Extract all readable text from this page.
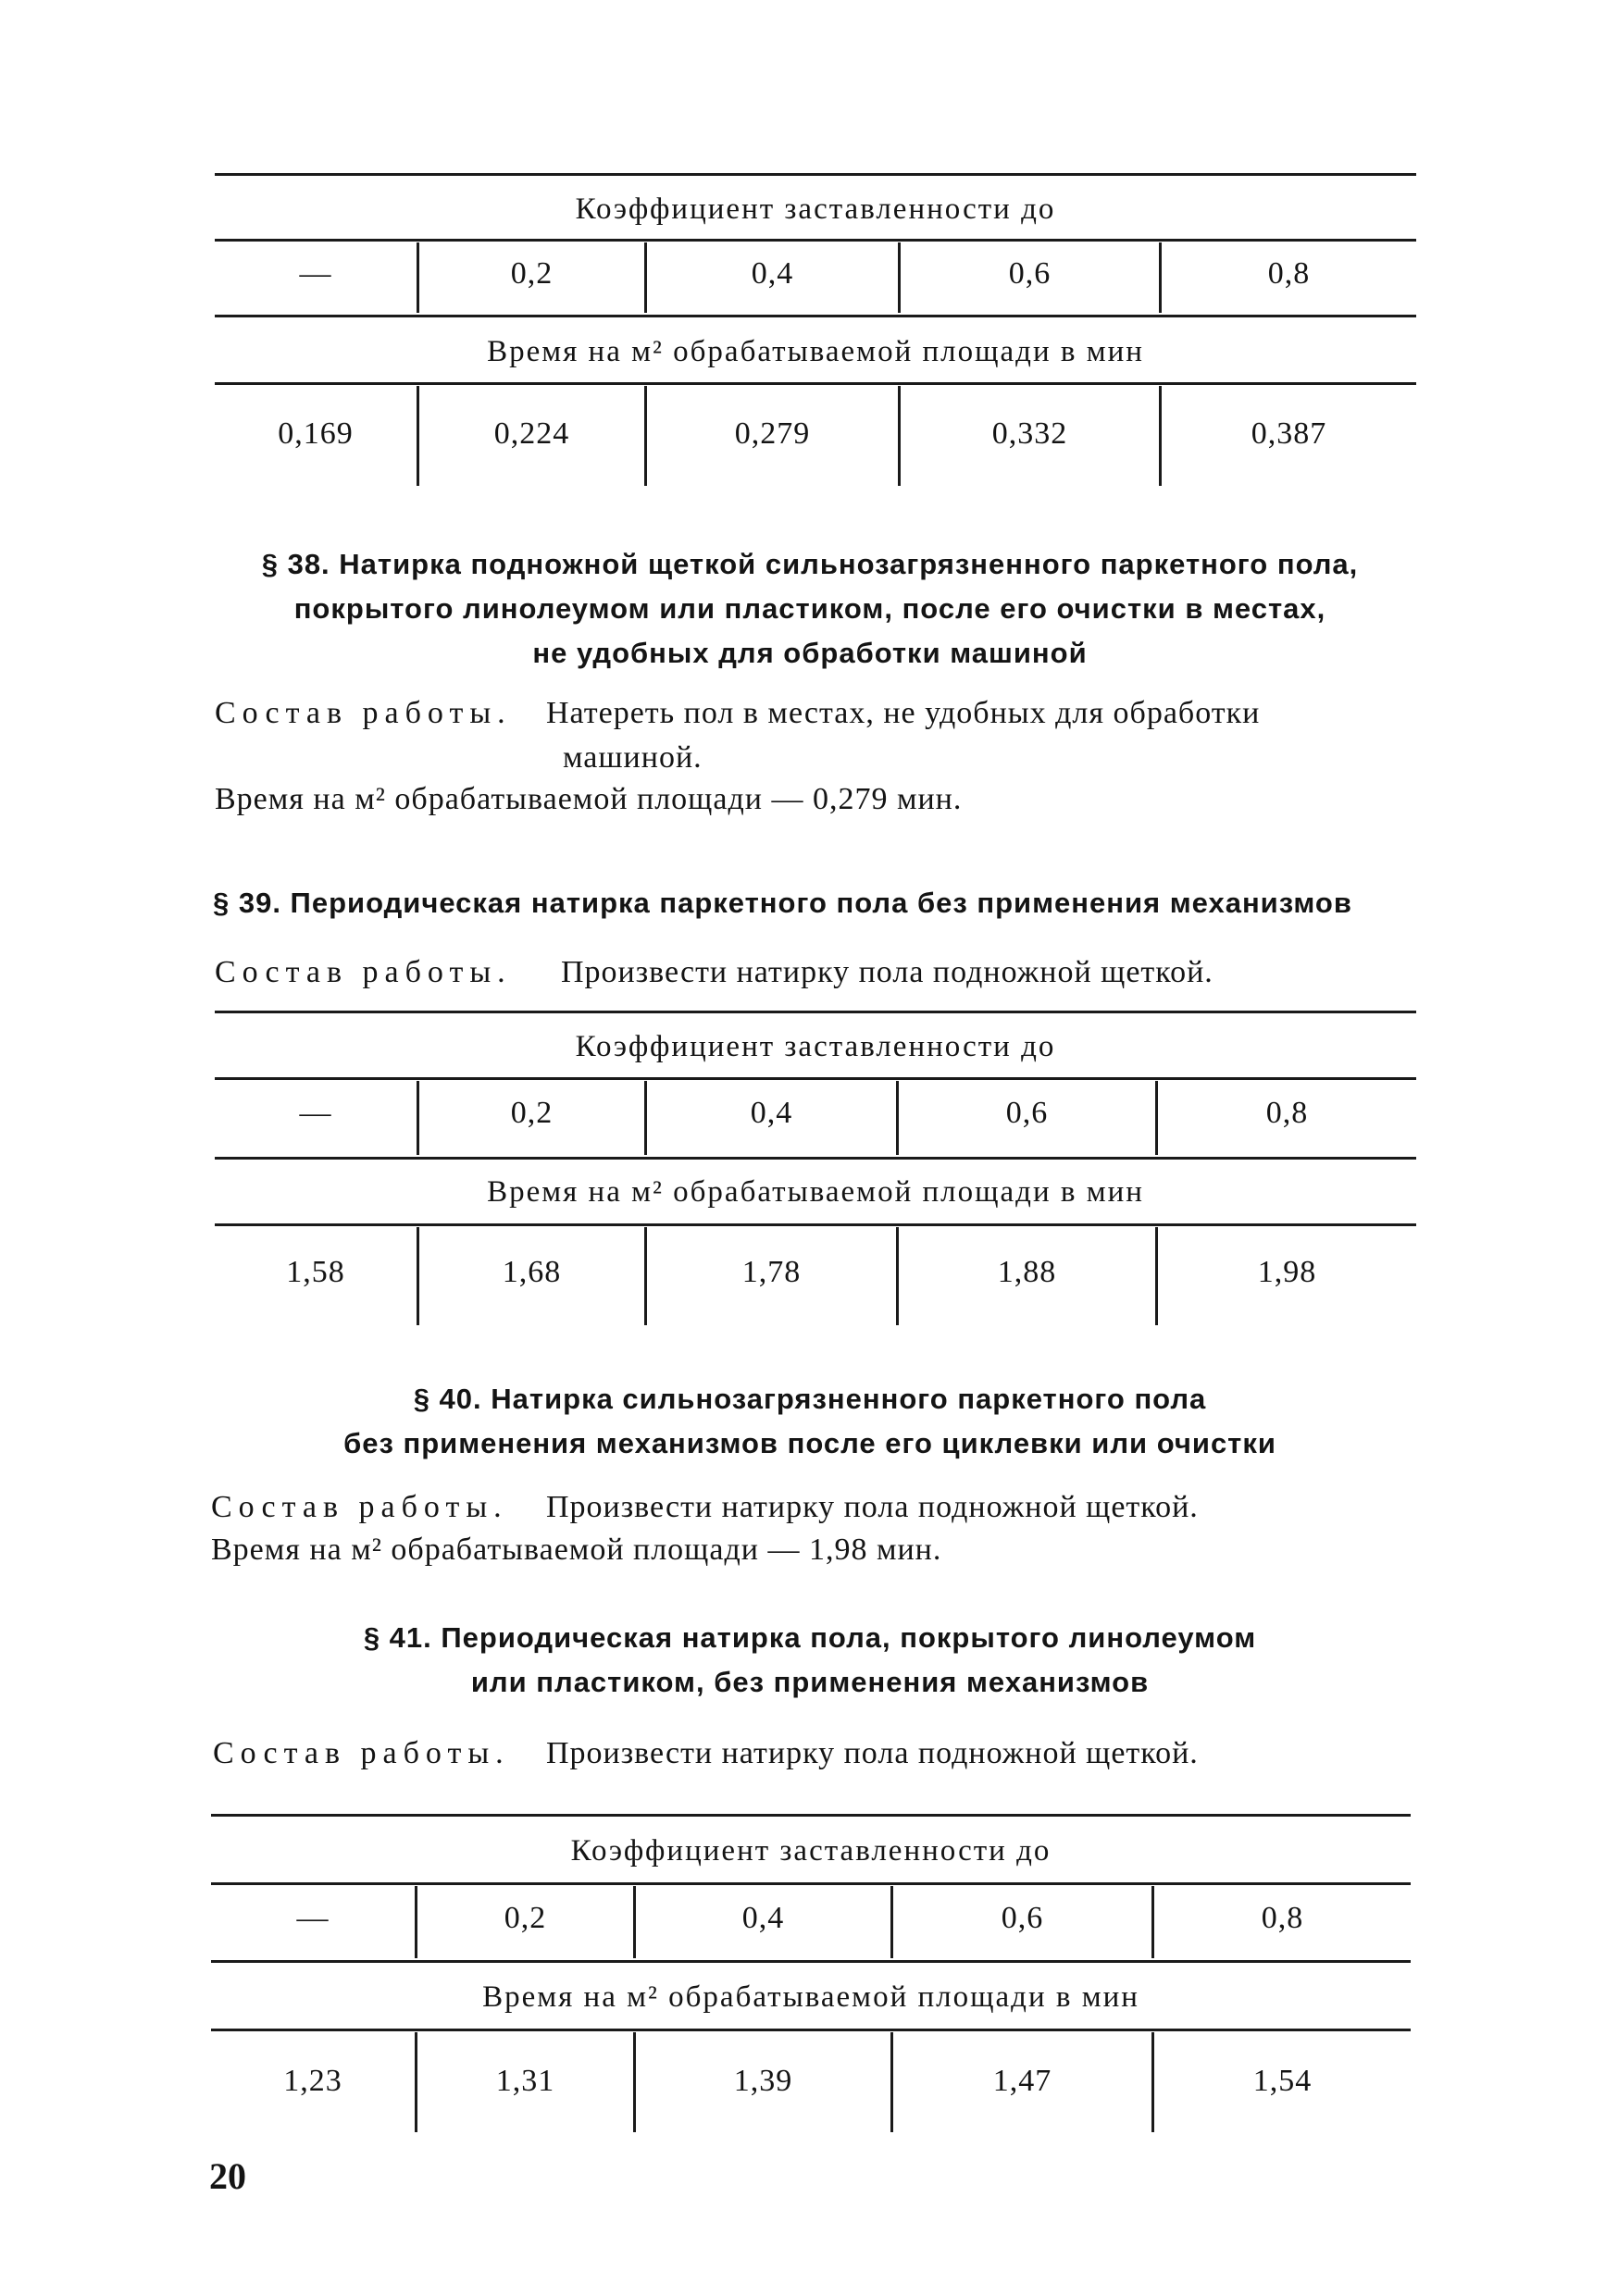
Коэффициент заставленности до
—	0,2	0,4	0,6	0,8
Время на м² обрабатываемой площади в мин
0,169	0,224	0,279	0,332	0,387
§ 38. Натирка подножной щеткой сильнозагрязненного паркетного пола,
покрытого линолеумом или пластиком, после его очистки в местах,
не удобных для обработки машиной
Состав работы. Натереть пол в местах, не удобных для обработки
машиной.
Время на м² обрабатываемой площади — 0,279 мин.
§ 39. Периодическая натирка паркетного пола без применения механизмов
Состав работы. Произвести натирку пола подножной щеткой.
Коэффициент заставленности до
—	0,2	0,4	0,6	0,8
Время на м² обрабатываемой площади в мин
1,58	1,68	1,78	1,88	1,98
§ 40. Натирка сильнозагрязненного паркетного пола
без применения механизмов после его циклевки или очистки
Состав работы. Произвести натирку пола подножной щеткой.
Время на м² обрабатываемой площади — 1,98 мин.
§ 41. Периодическая натирка пола, покрытого линолеумом
или пластиком, без применения механизмов
Состав работы. Произвести натирку пола подножной щеткой.
Коэффициент заставленности до
—	0,2	0,4	0,6	0,8
Время на м² обрабатываемой площади в мин
1,23	1,31	1,39	1,47	1,54
20
